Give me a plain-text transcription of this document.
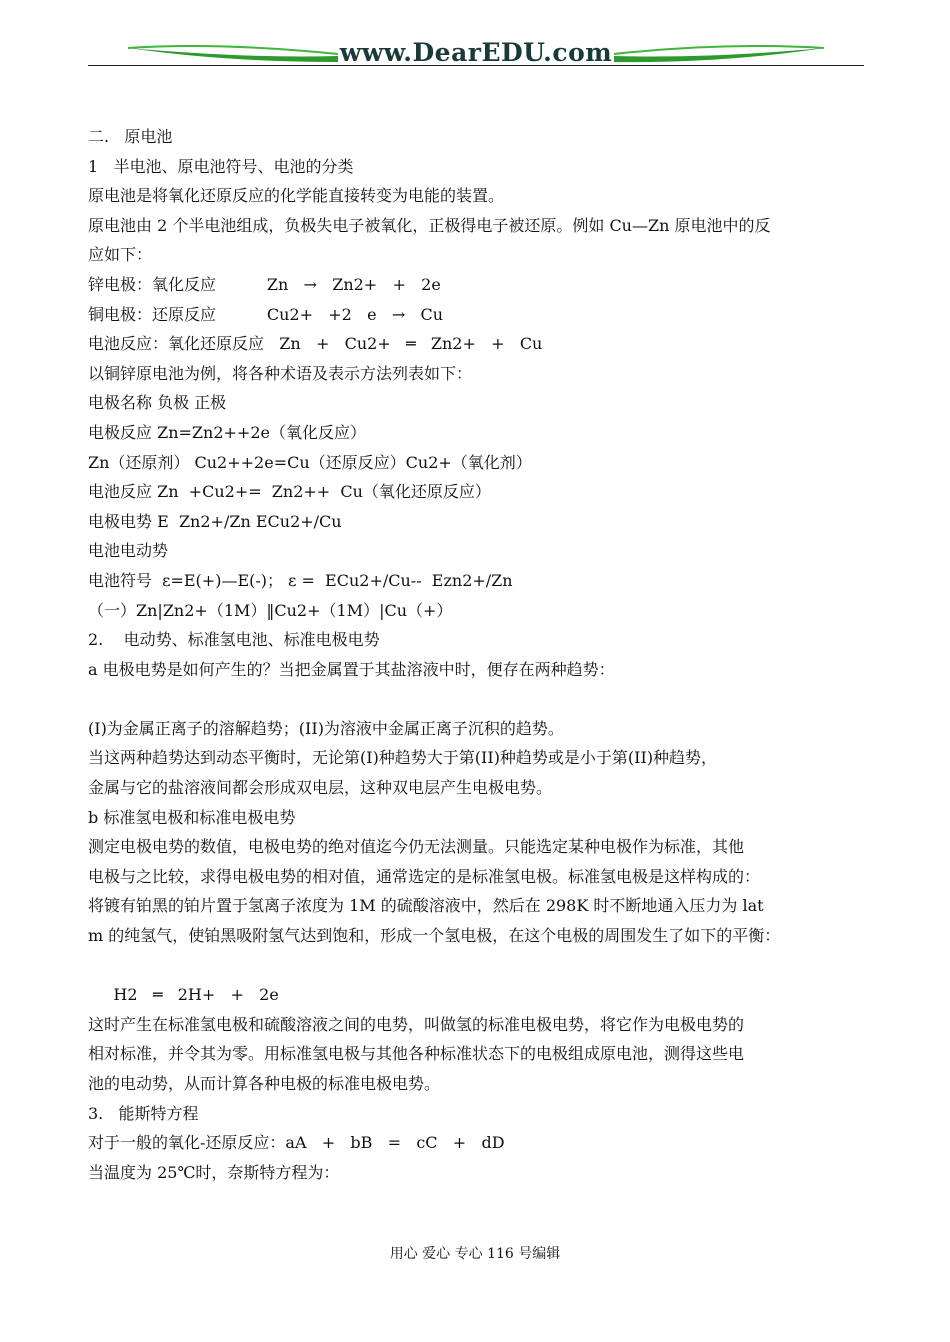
www.DearEDU.com
二.   原电池
1   半电池、原电池符号、电池的分类
原电池是将氧化还原反应的化学能直接转变为电能的装置。
原电池由 2 个半电池组成，负极失电子被氧化，正极得电子被还原。例如 Cu—Zn 原电池中的反
应如下：
锌电极：氧化反应          Zn   →   Zn2+   +   2e
铜电极：还原反应          Cu2+   +2   e   →   Cu
电池反应：氧化还原反应   Zn   +   Cu2+   ═   Zn2+   +   Cu
以铜锌原电池为例，将各种术语及表示方法列表如下：
电极名称 负极 正极
电极反应 Zn=Zn2++2e（氧化反应）
Zn（还原剂） Cu2++2e=Cu（还原反应）Cu2+（氧化剂）
电池反应 Zn  +Cu2+=  Zn2++  Cu（氧化还原反应）
电极电势 E  Zn2+/Zn ECu2+/Cu
电池电动势
电池符号  ε=E(+)—E(-)； ε =  ECu2+/Cu--  Ezn2+/Zn
（一）Zn|Zn2+（1M）‖Cu2+（1M）|Cu（+）
2.    电动势、标准氢电池、标准电极电势
a 电极电势是如何产生的？当把金属置于其盐溶液中时，便存在两种趋势：
(I)为金属正离子的溶解趋势；(II)为溶液中金属正离子沉积的趋势。
当这两种趋势达到动态平衡时，无论第(I)种趋势大于第(II)种趋势或是小于第(II)种趋势，
金属与它的盐溶液间都会形成双电层，这种双电层产生电极电势。
b 标准氢电极和标准电极电势
测定电极电势的数值，电极电势的绝对值迄今仍无法测量。只能选定某种电极作为标准，其他
电极与之比较，求得电极电势的相对值，通常选定的是标准氢电极。标准氢电极是这样构成的：
将镀有铂黑的铂片置于氢离子浓度为 1M 的硫酸溶液中，然后在 298K 时不断地通入压力为 lat
m 的纯氢气，使铂黑吸附氢气达到饱和，形成一个氢电极，在这个电极的周围发生了如下的平衡：
H2   ═   2H+   +   2e
这时产生在标准氢电极和硫酸溶液之间的电势，叫做氢的标准电极电势，将它作为电极电势的
相对标准，并令其为零。用标准氢电极与其他各种标准状态下的电极组成原电池，测得这些电
池的电动势，从而计算各种电极的标准电极电势。
3.   能斯特方程
对于一般的氧化-还原反应：aA   +   bB   =   cC   +   dD
当温度为 25℃时，奈斯特方程为：
用心 爱心 专心 116 号编辑
